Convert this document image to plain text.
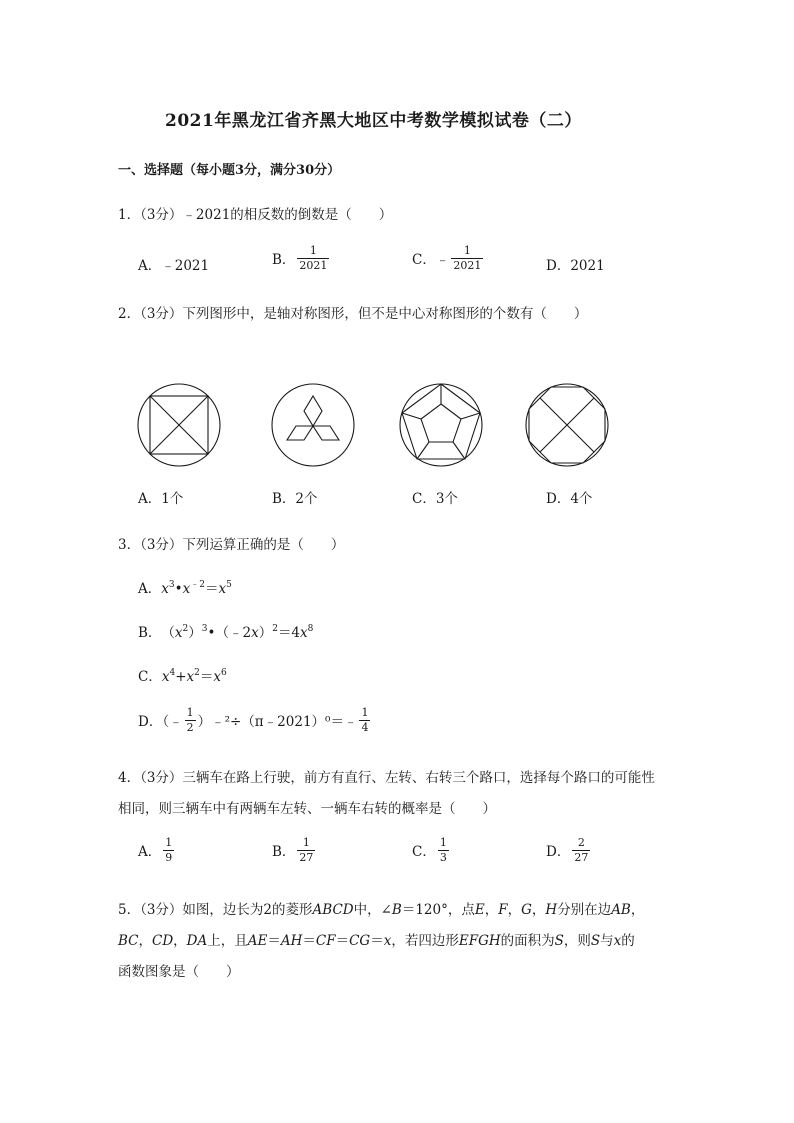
2021年黑龙江省齐黑大地区中考数学模拟试卷（二）
一、选择题（每小题3分，满分30分）
1．（3分）﹣2021的相反数的倒数是（　　）
A．﹣2021	B． $\frac{1}{2021}$	C．﹣ $\frac{1}{2021}$	D．2021
2．（3分）下列图形中，是轴对称图形，但不是中心对称图形的个数有（　　）
A．1个	B．2个	C．3个	D．4个
3．（3分）下列运算正确的是（　　）
A． $x^3•x^{﹣2}=x^5$
B． $(x^2)^3•(﹣2x)^2=4x^8$
C． $x^4+x^2=x^6$
D．（﹣ $\frac{1}{2}$ ）﹣²÷（π﹣2021）⁰＝﹣ $\frac{1}{4}$
4．（3分）三辆车在路上行驶，前方有直行、左转、右转三个路口，选择每个路口的可能性
相同，则三辆车中有两辆车左转、一辆车右转的概率是（　　）
A． $\frac{1}{9}$	B． $\frac{1}{27}$	C． $\frac{1}{3}$	D． $\frac{2}{27}$
5．（3分）如图，边长为2的菱形ABCD中，∠B＝120°，点E，F，G，H分别在边AB，
BC，CD，DA上，且AE＝AH＝CF＝CG＝x，若四边形EFGH的面积为S，则S与x的
函数图象是（　　）
